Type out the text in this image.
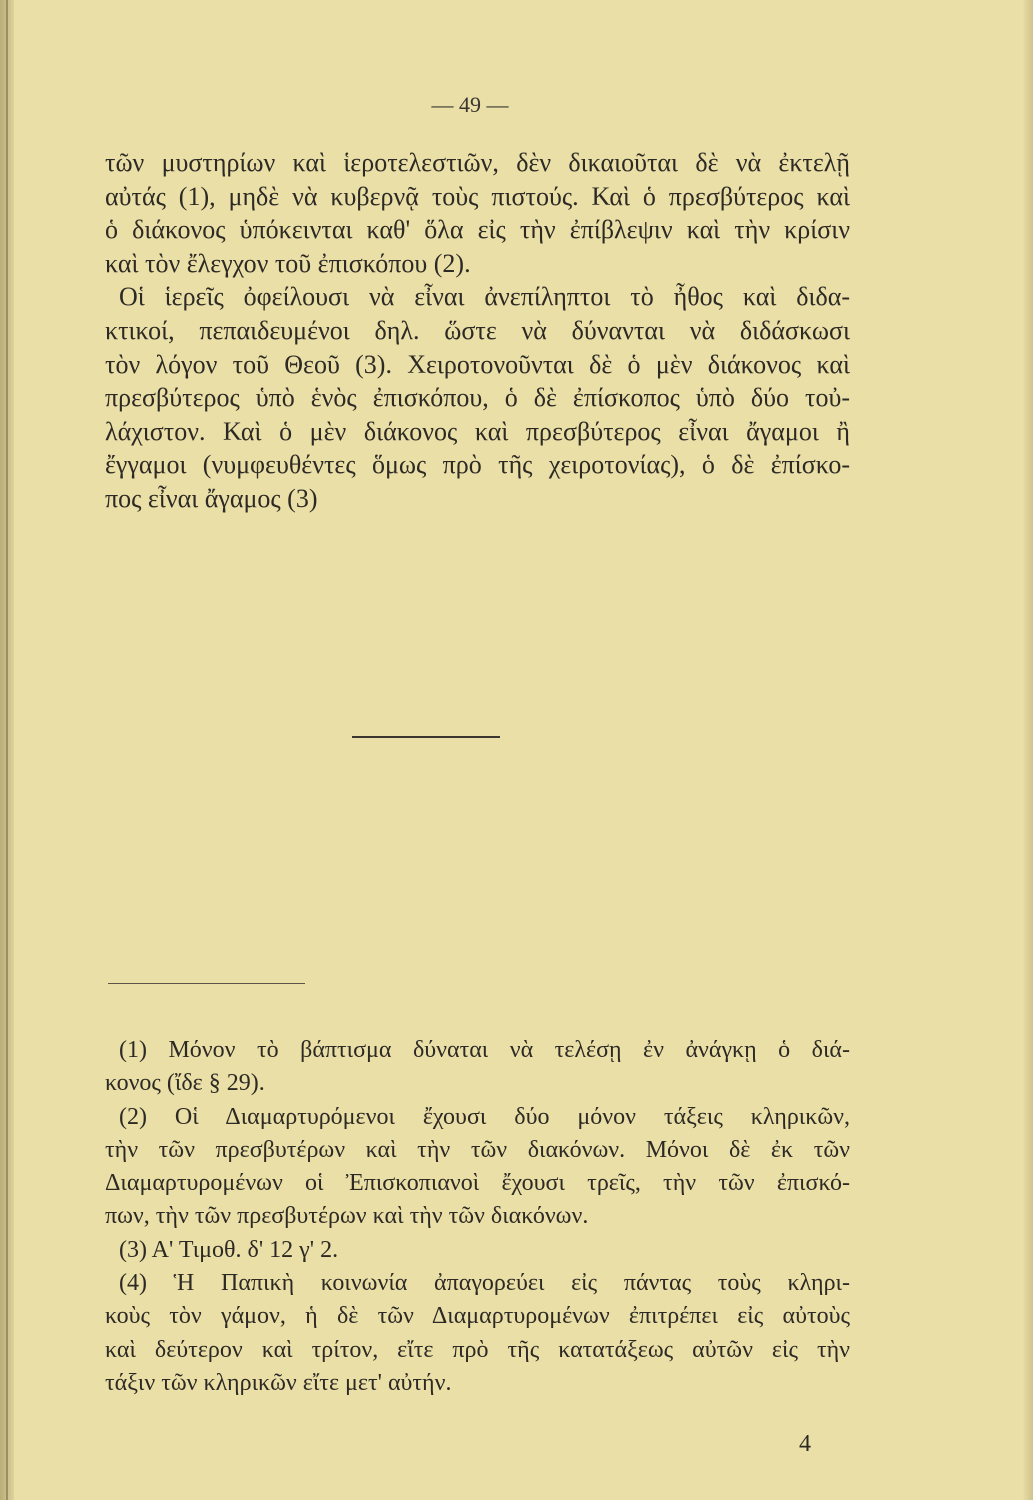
— 49 —
τῶν μυστηρίων καὶ ἱεροτελεστιῶν, δὲν δικαιοῦται δὲ νὰ ἐκτελῇ
αὐτάς (1), μηδὲ νὰ κυβερνᾷ τοὺς πιστούς. Καὶ ὁ πρεσβύτερος καὶ
ὁ διάκονος ὑπόκεινται καθ' ὅλα εἰς τὴν ἐπίβλεψιν καὶ τὴν κρίσιν
καὶ τὸν ἔλεγχον τοῦ ἐπισκόπου (2).
Οἱ ἱερεῖς ὀφείλουσι νὰ εἶναι ἀνεπίληπτοι τὸ ἦθος καὶ διδα-
κτικοί, πεπαιδευμένοι δηλ. ὥστε νὰ δύνανται νὰ διδάσκωσι
τὸν λόγον τοῦ Θεοῦ (3). Χειροτονοῦνται δὲ ὁ μὲν διάκονος καὶ
πρεσβύτερος ὑπὸ ἑνὸς ἐπισκόπου, ὁ δὲ ἐπίσκοπος ὑπὸ δύο τοὐ-
λάχιστον. Καὶ ὁ μὲν διάκονος καὶ πρεσβύτερος εἶναι ἄγαμοι ἢ
ἔγγαμοι (νυμφευθέντες ὅμως πρὸ τῆς χειροτονίας), ὁ δὲ ἐπίσκο-
πος εἶναι ἄγαμος (3)
(1) Μόνον τὸ βάπτισμα δύναται νὰ τελέσῃ ἐν ἀνάγκῃ ὁ διά-
κονος (ἴδε § 29).
(2) Οἱ Διαμαρτυρόμενοι ἔχουσι δύο μόνον τάξεις κληρικῶν,
τὴν τῶν πρεσβυτέρων καὶ τὴν τῶν διακόνων. Μόνοι δὲ ἐκ τῶν
Διαμαρτυρομένων οἱ Ἐπισκοπιανοὶ ἔχουσι τρεῖς, τὴν τῶν ἐπισκό-
πων, τὴν τῶν πρεσβυτέρων καὶ τὴν τῶν διακόνων.
(3) Α' Τιμοθ. δ' 12 γ' 2.
(4) Ἡ Παπικὴ κοινωνία ἀπαγορεύει εἰς πάντας τοὺς κληρι-
κοὺς τὸν γάμον, ἡ δὲ τῶν Διαμαρτυρομένων ἐπιτρέπει εἰς αὐτοὺς
καὶ δεύτερον καὶ τρίτον, εἴτε πρὸ τῆς κατατάξεως αὐτῶν εἰς τὴν
τάξιν τῶν κληρικῶν εἴτε μετ' αὐτήν.
4
